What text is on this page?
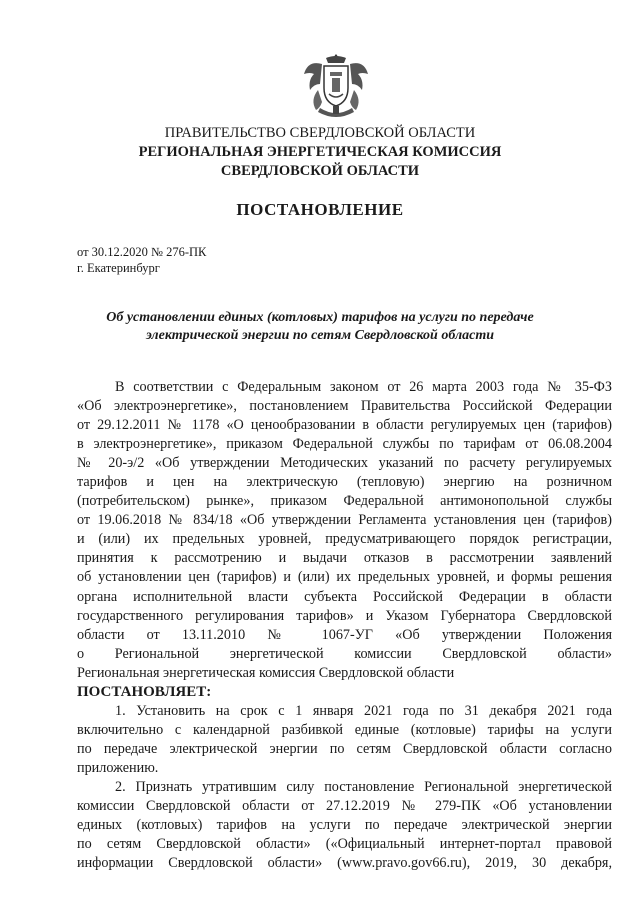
ПРАВИТЕЛЬСТВО СВЕРДЛОВСКОЙ ОБЛАСТИ
РЕГИОНАЛЬНАЯ ЭНЕРГЕТИЧЕСКАЯ КОМИССИЯ
СВЕРДЛОВСКОЙ ОБЛАСТИ
ПОСТАНОВЛЕНИЕ
от 30.12.2020 № 276-ПК
г. Екатеринбург
Об установлении единых (котловых) тарифов на услуги по передаче
электрической энергии по сетям Свердловской области

В соответствии с Федеральным законом от 26 марта 2003 года № 35-ФЗ

«Об электроэнергетике», постановлением Правительства Российской Федерации

от 29.12.2011 № 1178 «О ценообразовании в области регулируемых цен (тарифов)

в электроэнергетике», приказом Федеральной службы по тарифам от 06.08.2004

№ 20-э/2 «Об утверждении Методических указаний по расчету регулируемых

тарифов и цен на электрическую (тепловую) энергию на розничном

(потребительском) рынке», приказом Федеральной антимонопольной службы

от 19.06.2018 № 834/18 «Об утверждении Регламента установления цен (тарифов)

и (или) их предельных уровней, предусматривающего порядок регистрации,

принятия к рассмотрению и выдачи отказов в рассмотрении заявлений

об установлении цен (тарифов) и (или) их предельных уровней, и формы решения

органа исполнительной власти субъекта Российской Федерации в области

государственного регулирования тарифов» и Указом Губернатора Свердловской

области от 13.11.2010 № 1067-УГ «Об утверждении Положения

о Региональной энергетической комиссии Свердловской области»

Региональная энергетическая комиссия Свердловской области

ПОСТАНОВЛЯЕТ:

1. Установить на срок с 1 января 2021 года по 31 декабря 2021 года

включительно с календарной разбивкой единые (котловые) тарифы на услуги

по передаче электрической энергии по сетям Свердловской области согласно

приложению.

2. Признать утратившим силу постановление Региональной энергетической

комиссии Свердловской области от 27.12.2019 № 279-ПК «Об установлении

единых (котловых) тарифов на услуги по передаче электрической энергии

по сетям Свердловской области» («Официальный интернет-портал правовой

информации Свердловской области» (www.pravo.gov66.ru), 2019, 30 декабря,
